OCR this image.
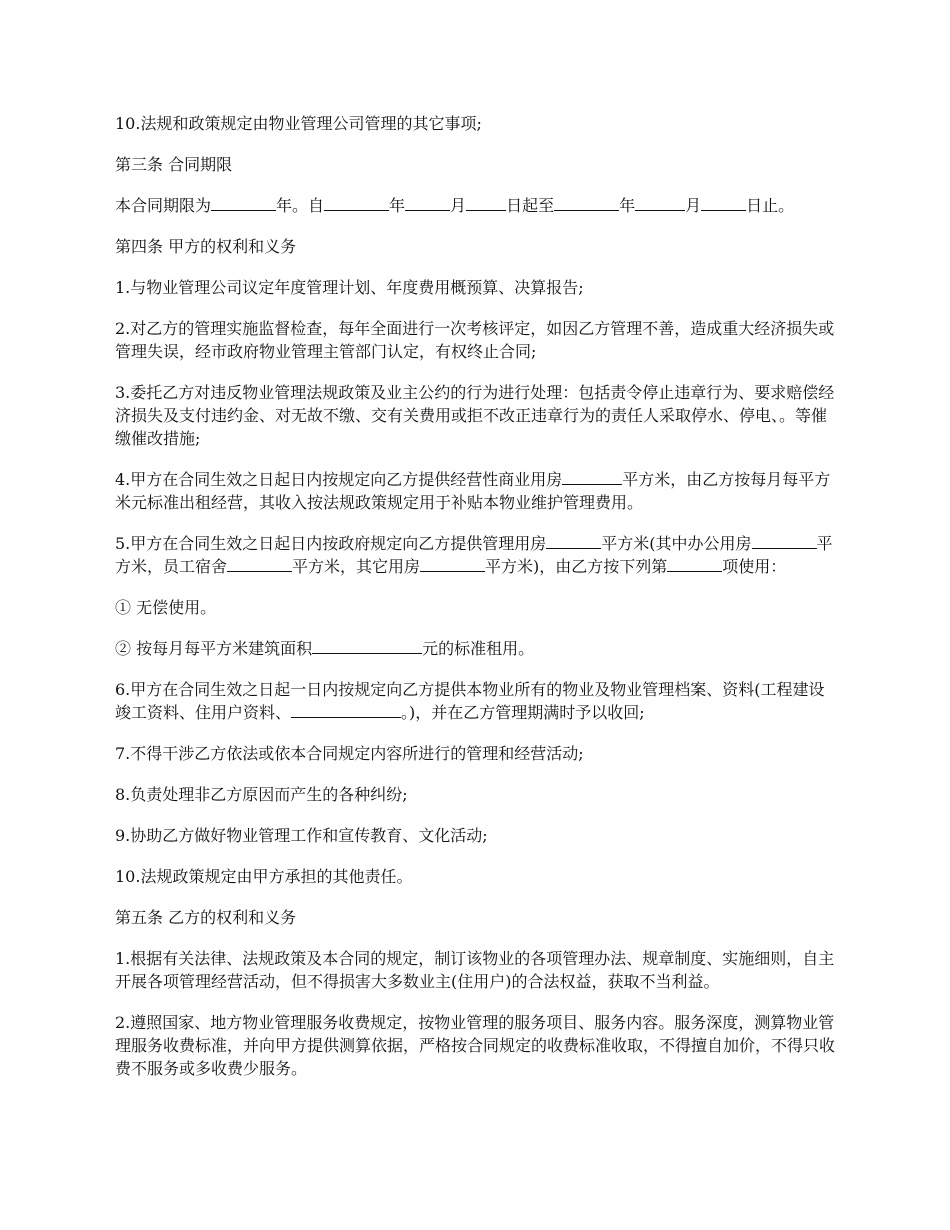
10.法规和政策规定由物业管理公司管理的其它事项;

第三条 合同期限

本合同期限为	年。自	年	月	日起至	年	月	日止。

第四条 甲方的权利和义务

1.与物业管理公司议定年度管理计划、年度费用概预算、决算报告;

2.对乙方的管理实施监督检查，每年全面进行一次考核评定，如因乙方管理不善，造成重大经济损失或管理失误，经市政府物业管理主管部门认定，有权终止合同;

3.委托乙方对违反物业管理法规政策及业主公约的行为进行处理：包括责令停止违章行为、要求赔偿经济损失及支付违约金、对无故不缴、交有关费用或拒不改正违章行为的责任人采取停水、停电、。等催缴催改措施;

4.甲方在合同生效之日起日内按规定向乙方提供经营性商业用房	平方米，由乙方按每月每平方米元标准出租经营，其收入按法规政策规定用于补贴本物业维护管理费用。

5.甲方在合同生效之日起日内按政府规定向乙方提供管理用房	平方米(其中办公用房	平方米，员工宿舍	平方米，其它用房	平方米)，由乙方按下列第	项使用：

① 无偿使用。

② 按每月每平方米建筑面积	元的标准租用。

6.甲方在合同生效之日起一日内按规定向乙方提供本物业所有的物业及物业管理档案、资料(工程建设竣工资料、住用户资料、	。)，并在乙方管理期满时予以收回;

7.不得干涉乙方依法或依本合同规定内容所进行的管理和经营活动;

8.负责处理非乙方原因而产生的各种纠纷;

9.协助乙方做好物业管理工作和宣传教育、文化活动;

10.法规政策规定由甲方承担的其他责任。

第五条 乙方的权利和义务

1.根据有关法律、法规政策及本合同的规定，制订该物业的各项管理办法、规章制度、实施细则，自主开展各项管理经营活动，但不得损害大多数业主(住用户)的合法权益，获取不当利益。

2.遵照国家、地方物业管理服务收费规定，按物业管理的服务项目、服务内容。服务深度，测算物业管理服务收费标准，并向甲方提供测算依据，严格按合同规定的收费标准收取，不得擅自加价，不得只收费不服务或多收费少服务。
